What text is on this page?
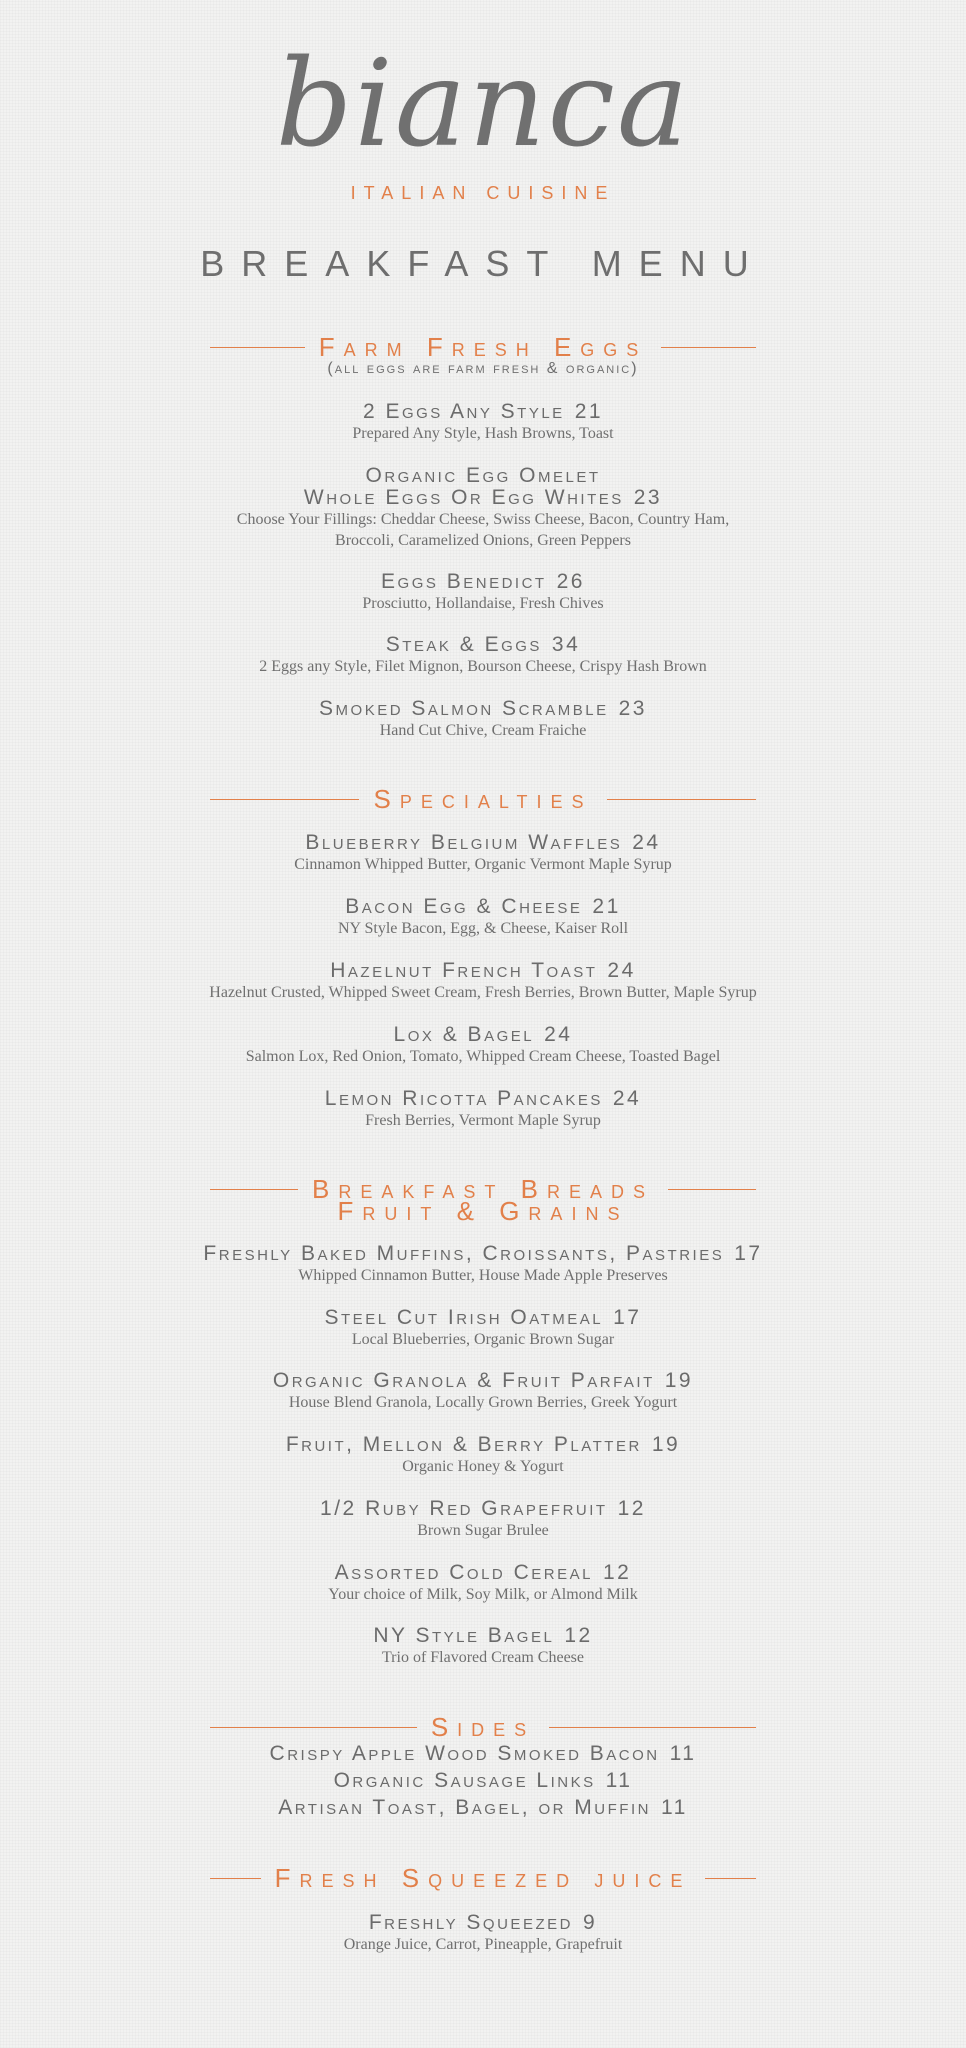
bianca
ITALIAN CUISINE
BREAKFAST MENU
Farm Fresh Eggs
(all eggs are farm fresh & organic)
2 Eggs Any Style 21
Prepared Any Style, Hash Browns, Toast
Organic Egg Omelet
Whole Eggs Or Egg Whites 23
Choose Your Fillings: Cheddar Cheese, Swiss Cheese, Bacon, Country Ham,
Broccoli, Caramelized Onions, Green Peppers
Eggs Benedict 26
Prosciutto, Hollandaise, Fresh Chives
Steak & Eggs 34
2 Eggs any Style, Filet Mignon, Bourson Cheese, Crispy Hash Brown
Smoked Salmon Scramble 23
Hand Cut Chive, Cream Fraiche
Specialties
Blueberry Belgium Waffles 24
Cinnamon Whipped Butter, Organic Vermont Maple Syrup
Bacon Egg & Cheese 21
NY Style Bacon, Egg, & Cheese, Kaiser Roll
Hazelnut French Toast 24
Hazelnut Crusted, Whipped Sweet Cream, Fresh Berries, Brown Butter, Maple Syrup
Lox & Bagel 24
Salmon Lox, Red Onion, Tomato, Whipped Cream Cheese, Toasted Bagel
Lemon Ricotta Pancakes 24
Fresh Berries, Vermont Maple Syrup
Breakfast Breads
Fruit & Grains
Freshly Baked Muffins, Croissants, Pastries 17
Whipped Cinnamon Butter, House Made Apple Preserves
Steel Cut Irish Oatmeal 17
Local Blueberries, Organic Brown Sugar
Organic Granola & Fruit Parfait 19
House Blend Granola, Locally Grown Berries, Greek Yogurt
Fruit, Mellon & Berry Platter 19
Organic Honey & Yogurt
1/2 Ruby Red Grapefruit 12
Brown Sugar Brulee
Assorted Cold Cereal 12
Your choice of Milk, Soy Milk, or Almond Milk
NY Style Bagel 12
Trio of Flavored Cream Cheese
Sides
Crispy Apple Wood Smoked Bacon 11
Organic Sausage Links 11
Artisan Toast, Bagel, or Muffin 11
Fresh Squeezed juice
Freshly Squeezed 9
Orange Juice, Carrot, Pineapple, Grapefruit
